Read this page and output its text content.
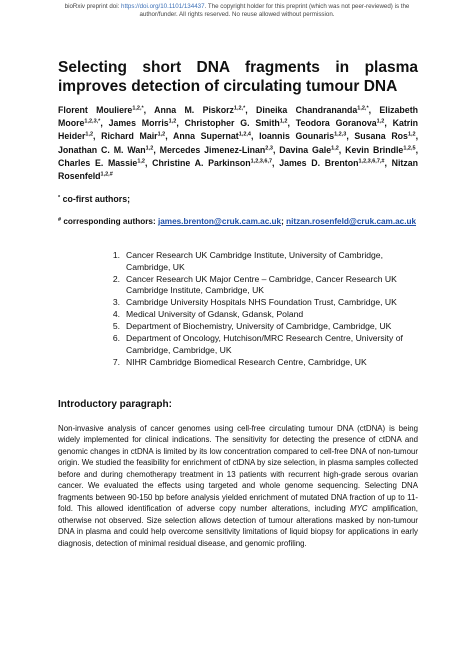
bioRxiv preprint doi: https://doi.org/10.1101/134437. The copyright holder for this preprint (which was not peer-reviewed) is the
author/funder. All rights reserved. No reuse allowed without permission.
Selecting short DNA fragments in plasma improves detection of circulating tumour DNA
Florent Mouliere$^{1,2,*}$, Anna M. Piskorz$^{1,2,*}$, Dineika Chandrananda$^{1,2,*}$, Elizabeth Moore$^{1,2,3,*}$, James Morris$^{1,2}$, Christopher G. Smith$^{1,2}$, Teodora Goranova$^{1,2}$, Katrin Heider$^{1,2}$, Richard Mair$^{1,2}$, Anna Supernat$^{1,2,4}$, Ioannis Gounaris$^{1,2,3}$, Susana Ros$^{1,2}$, Jonathan C. M. Wan$^{1,2}$, Mercedes Jimenez-Linan$^{2,3}$, Davina Gale$^{1,2}$, Kevin Brindle$^{1,2,5}$, Charles E. Massie$^{1,2}$, Christine A. Parkinson$^{1,2,3,6,7}$, James D. Brenton$^{1,2,3,6,7,\#}$, Nitzan Rosenfeld$^{1,2,\#}$
* co-first authors;
# corresponding authors: james.brenton@cruk.cam.ac.uk; nitzan.rosenfeld@cruk.cam.ac.uk
1. Cancer Research UK Cambridge Institute, University of Cambridge, Cambridge, UK
2. Cancer Research UK Major Centre – Cambridge, Cancer Research UK Cambridge Institute, Cambridge, UK
3. Cambridge University Hospitals NHS Foundation Trust, Cambridge, UK
4. Medical University of Gdansk, Gdansk, Poland
5. Department of Biochemistry, University of Cambridge, Cambridge, UK
6. Department of Oncology, Hutchison/MRC Research Centre, University of Cambridge, Cambridge, UK
7. NIHR Cambridge Biomedical Research Centre, Cambridge, UK
Introductory paragraph:

Non-invasive analysis of cancer genomes using cell-free circulating tumour DNA (ctDNA) is being widely implemented for clinical indications. The sensitivity for detecting the presence of ctDNA and genomic changes in ctDNA is limited by its low concentration compared to cell-free DNA of non-tumour origin. We studied the feasibility for enrichment of ctDNA by size selection, in plasma samples collected before and during chemotherapy treatment in 13 patients with recurrent high-grade serous ovarian cancer. We evaluated the effects using targeted and whole genome sequencing. Selecting DNA fragments between 90-150 bp before analysis yielded enrichment of mutated DNA fraction of up to 11-fold. This allowed identification of adverse copy number alterations, including MYC amplification, otherwise not observed. Size selection allows detection of tumour alterations masked by non-tumour DNA in plasma and could help overcome sensitivity limitations of liquid biopsy for applications in early diagnosis, detection of minimal residual disease, and genomic profiling.
